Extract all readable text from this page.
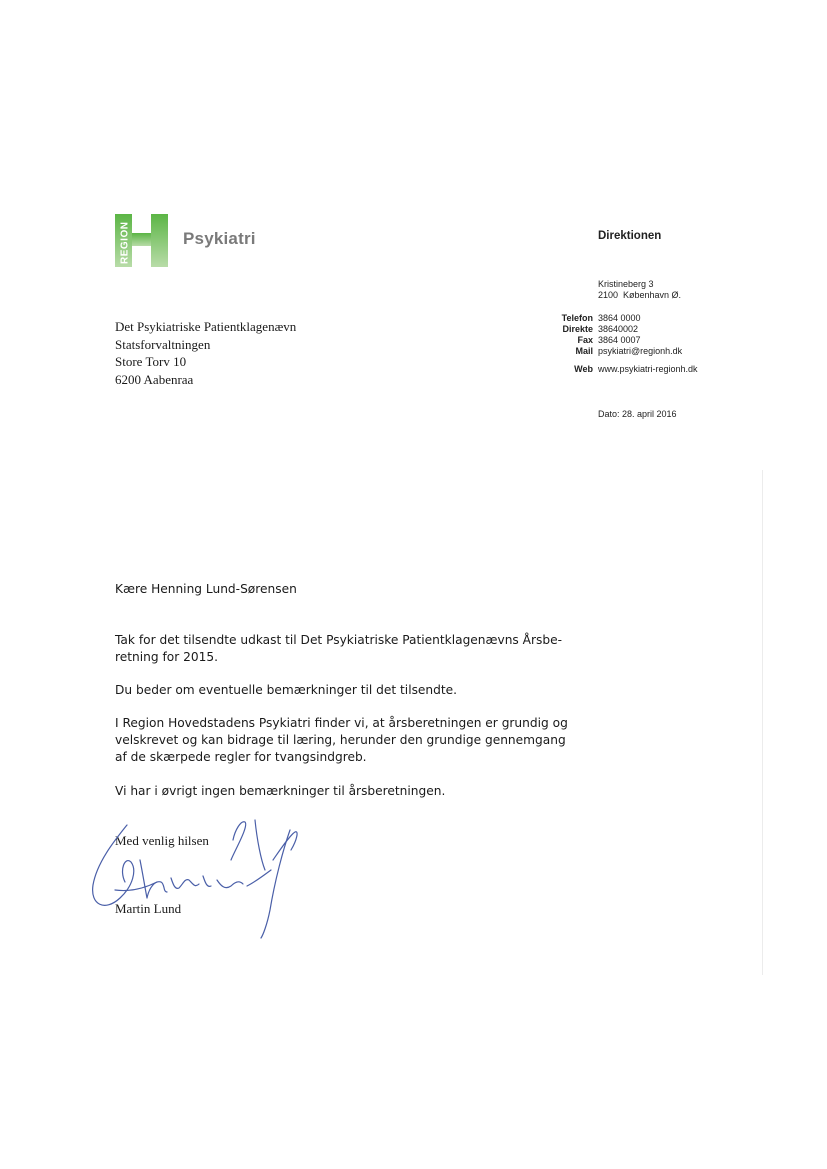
REGION	Psykiatri	Direktionen
Kristineberg 3
2100  København Ø.
Telefon 3864 0000
Direkte 38640002
Fax 3864 0007
Mail psykiatri@regionh.dk
Web www.psykiatri-regionh.dk
Dato: 28. april 2016
Det Psykiatriske Patientklagenævn
Statsforvaltningen
Store Torv 10
6200 Aabenraa
Kære Henning Lund-Sørensen
Tak for det tilsendte udkast til Det Psykiatriske Patientklagenævns Årsbe-
retning for 2015.
Du beder om eventuelle bemærkninger til det tilsendte.
I Region Hovedstadens Psykiatri finder vi, at årsberetningen er grundig og
velskrevet og kan bidrage til læring, herunder den grundige gennemgang
af de skærpede regler for tvangsindgreb.
Vi har i øvrigt ingen bemærkninger til årsberetningen.
Med venlig hilsen
Martin Lund
